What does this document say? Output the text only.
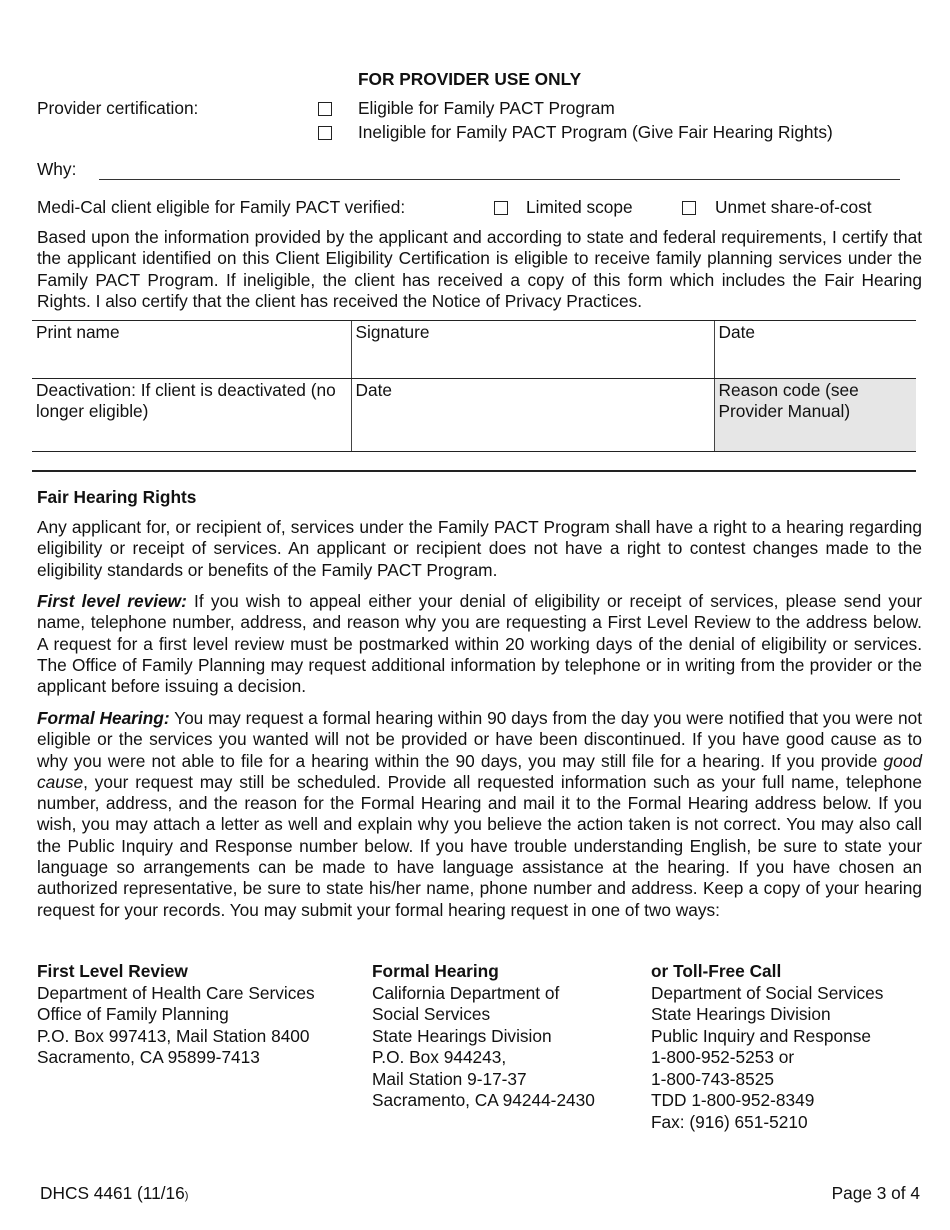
FOR PROVIDER USE ONLY
Provider certification:	Eligible for Family PACT Program
Ineligible for Family PACT Program (Give Fair Hearing Rights)
Why:
Medi-Cal client eligible for Family PACT verified:	Limited scope	Unmet share-of-cost
Based upon the information provided by the applicant and according to state and federal requirements, I certify that the applicant identified on this Client Eligibility Certification is eligible to receive family planning services under the Family PACT Program. If ineligible, the client has received a copy of this form which includes the Fair Hearing Rights. I also certify that the client has received the Notice of Privacy Practices.
Print name	Signature	Date
Deactivation: If client is deactivated (no longer eligible)	Date	Reason code (see Provider Manual)
Fair Hearing Rights
Any applicant for, or recipient of, services under the Family PACT Program shall have a right to a hearing regarding eligibility or receipt of services. An applicant or recipient does not have a right to contest changes made to the eligibility standards or benefits of the Family PACT Program.
First level review: If you wish to appeal either your denial of eligibility or receipt of services, please send your name, telephone number, address, and reason why you are requesting a First Level Review to the address below. A request for a first level review must be postmarked within 20 working days of the denial of eligibility or services. The Office of Family Planning may request additional information by telephone or in writing from the provider or the applicant before issuing a decision.
Formal Hearing: You may request a formal hearing within 90 days from the day you were notified that you were not eligible or the services you wanted will not be provided or have been discontinued. If you have good cause as to why you were not able to file for a hearing within the 90 days, you may still file for a hearing. If you provide good cause, your request may still be scheduled. Provide all requested information such as your full name, telephone number, address, and the reason for the Formal Hearing and mail it to the Formal Hearing address below. If you wish, you may attach a letter as well and explain why you believe the action taken is not correct. You may also call the Public Inquiry and Response number below. If you have trouble understanding English, be sure to state your language so arrangements can be made to have language assistance at the hearing. If you have chosen an authorized representative, be sure to state his/her name, phone number and address. Keep a copy of your hearing request for your records. You may submit your formal hearing request in one of two ways:
First Level Review
Department of Health Care Services
Office of Family Planning
P.O. Box 997413, Mail Station 8400
Sacramento, CA 95899-7413
Formal Hearing
California Department of
Social Services
State Hearings Division
P.O. Box 944243,
Mail Station 9-17-37
Sacramento, CA 94244-2430
or Toll-Free Call
Department of Social Services
State Hearings Division
Public Inquiry and Response
1-800-952-5253 or
1-800-743-8525
TDD 1-800-952-8349
Fax: (916) 651-5210
DHCS 4461 (11/16)	Page 3 of 4
